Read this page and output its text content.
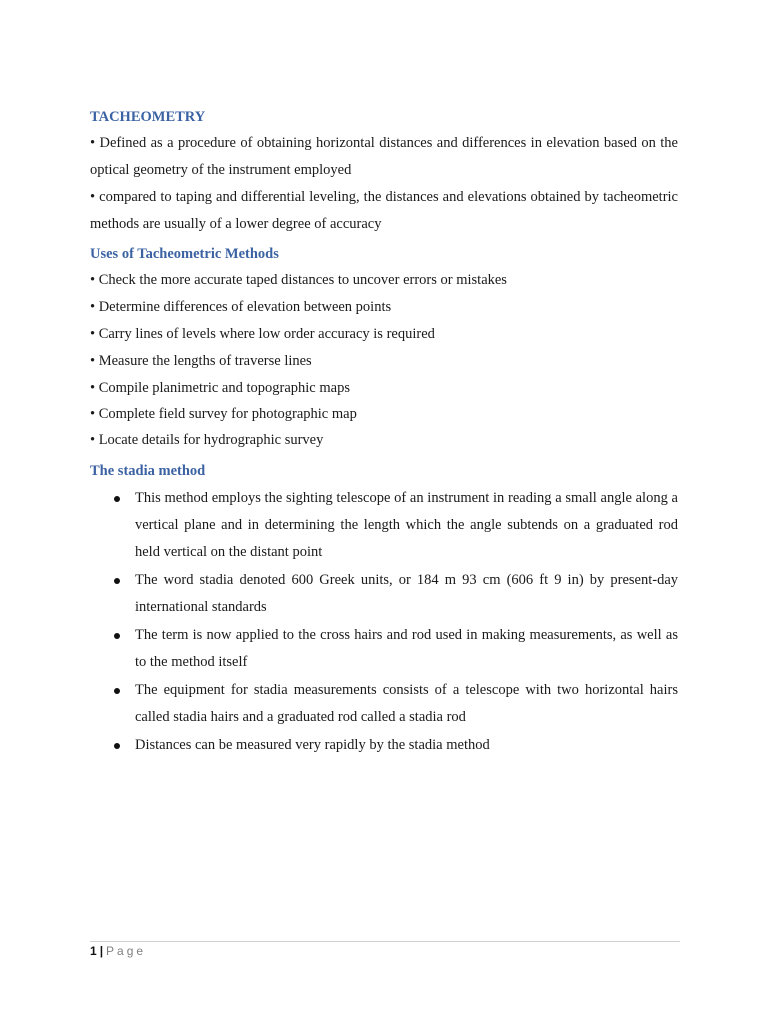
TACHEOMETRY

• Defined as a procedure of obtaining horizontal distances and differences in elevation based on the optical geometry of the instrument employed

• compared to taping and differential leveling, the distances and elevations obtained by tacheometric methods are usually of a lower degree of accuracy

Uses of Tacheometric Methods

• Check the more accurate taped distances to uncover errors or mistakes

• Determine differences of elevation between points

• Carry lines of levels where low order accuracy is required

• Measure the lengths of traverse lines

• Compile planimetric and topographic maps

• Complete field survey for photographic map

• Locate details for hydrographic survey

The stadia method
This method employs the sighting telescope of an instrument in reading a small angle along a vertical plane and in determining the length which the angle subtends on a graduated rod held vertical on the distant point
The word stadia denoted 600 Greek units, or 184 m 93 cm (606 ft 9 in) by present-day international standards
The term is now applied to the cross hairs and rod used in making measurements, as well as to the method itself
The equipment for stadia measurements consists of a telescope with two horizontal hairs called stadia hairs and a graduated rod called a stadia rod
Distances can be measured very rapidly by the stadia method
1 | Page
